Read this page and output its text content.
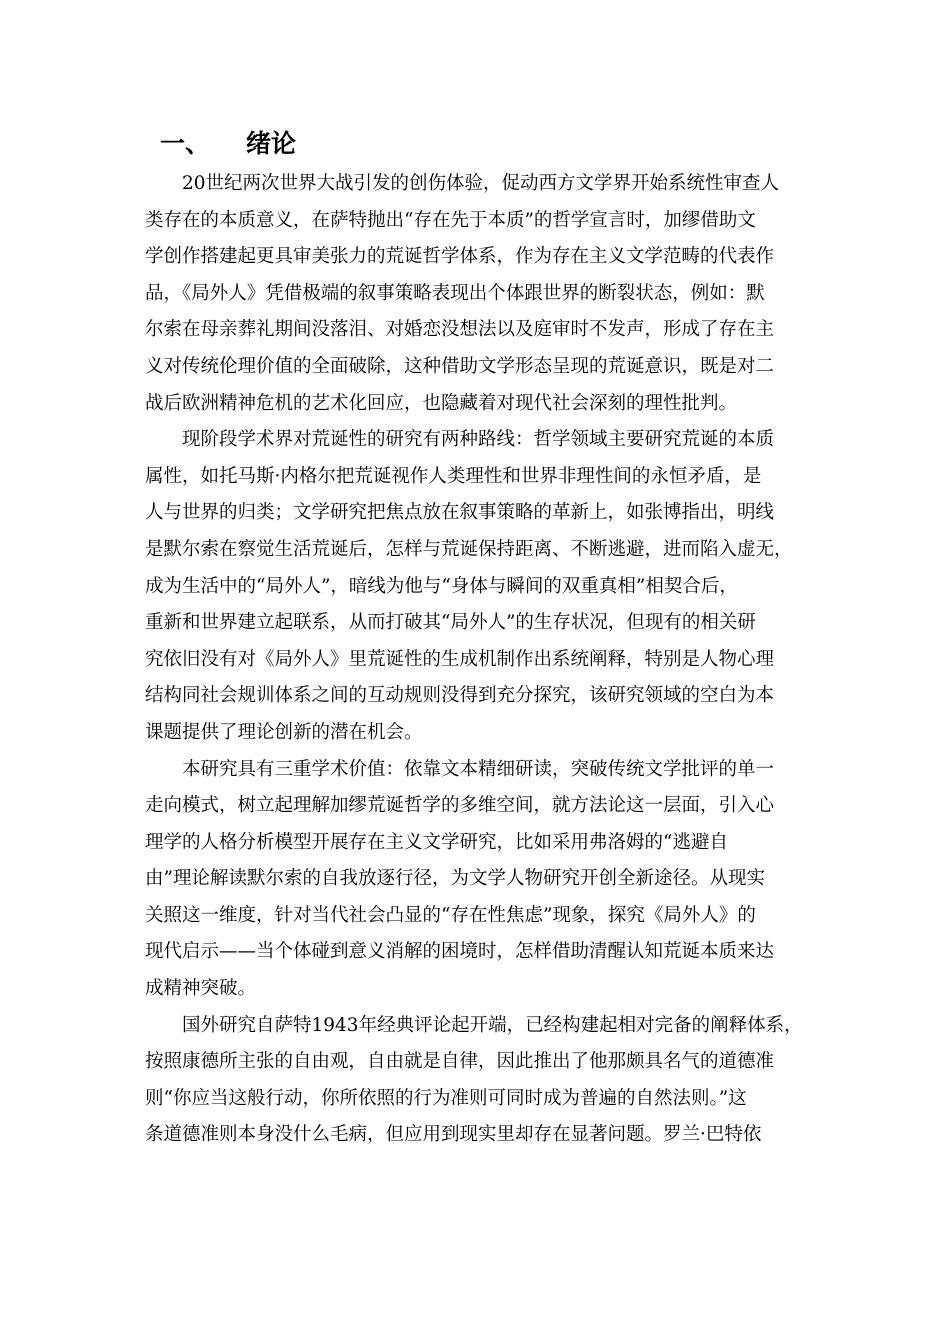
一、 绪论
20世纪两次世界大战引发的创伤体验，促动西方文学界开始系统性审查人
类存在的本质意义，在萨特抛出“存在先于本质”的哲学宣言时，加缪借助文
学创作搭建起更具审美张力的荒诞哲学体系，作为存在主义文学范畴的代表作
品，《局外人》凭借极端的叙事策略表现出个体跟世界的断裂状态，例如：默
尔索在母亲葬礼期间没落泪、对婚恋没想法以及庭审时不发声，形成了存在主
义对传统伦理价值的全面破除，这种借助文学形态呈现的荒诞意识，既是对二
战后欧洲精神危机的艺术化回应，也隐藏着对现代社会深刻的理性批判。
现阶段学术界对荒诞性的研究有两种路线：哲学领域主要研究荒诞的本质
属性，如托马斯·内格尔把荒诞视作人类理性和世界非理性间的永恒矛盾，是
人与世界的归类；文学研究把焦点放在叙事策略的革新上，如张博指出，明线
是默尔索在察觉生活荒诞后，怎样与荒诞保持距离、不断逃避，进而陷入虚无，
成为生活中的“局外人”，暗线为他与“身体与瞬间的双重真相”相契合后，
重新和世界建立起联系，从而打破其“局外人”的生存状况，但现有的相关研
究依旧没有对《局外人》里荒诞性的生成机制作出系统阐释，特别是人物心理
结构同社会规训体系之间的互动规则没得到充分探究，该研究领域的空白为本
课题提供了理论创新的潜在机会。
本研究具有三重学术价值：依靠文本精细研读，突破传统文学批评的单一
走向模式，树立起理解加缪荒诞哲学的多维空间，就方法论这一层面，引入心
理学的人格分析模型开展存在主义文学研究，比如采用弗洛姆的“逃避自
由”理论解读默尔索的自我放逐行径，为文学人物研究开创全新途径。从现实
关照这一维度，针对当代社会凸显的“存在性焦虑”现象，探究《局外人》的
现代启示——当个体碰到意义消解的困境时，怎样借助清醒认知荒诞本质来达
成精神突破。
国外研究自萨特1943年经典评论起开端，已经构建起相对完备的阐释体系，
按照康德所主张的自由观，自由就是自律，因此推出了他那颇具名气的道德准
则“你应当这般行动，你所依照的行为准则可同时成为普遍的自然法则。”这
条道德准则本身没什么毛病，但应用到现实里却存在显著问题。罗兰·巴特依
